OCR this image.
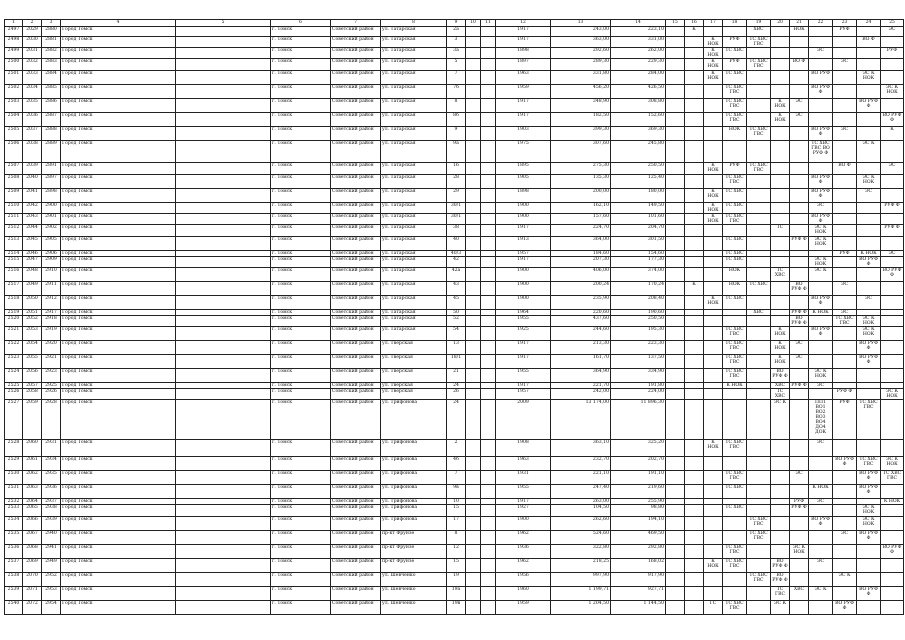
1	2	3	4	5	6	7	8	9	10	11	12	13	14	15	16	17	18	19	20	21	22	23	24	25
2497	2029	2880	Город Томск		г. Томск	Советский район	ул. Татарская	2а			1917	243,00	223,10		К			ХВС		НОК		РУФ		ЭС
2498	2030	2881	Город Томск		г. Томск	Советский район	ул. Татарская	3			1917	363,00	331,00			К НОК	РУФ	ТС ХВС ГВС					ВО Ф	
2499	2031	2882	Город Томск		г. Томск	Советский район	ул. Татарская	3а			1898	292,60	262,00			К НОК	ТС ХВС				ЭС			РУФ
2500	2032	2883	Город Томск		г. Томск	Советский район	ул. Татарская	5			1897	289,30	229,30			К НОК	РУФ	ТС ХВС ГВС		ВО Ф		ЭС		
2501	2033	2884	Город Томск		г. Томск	Советский район	ул. Татарская	7			1963	331,80	284,00			К НОК	ТС ХВС				ВО РУФ		ЭС К НОК	
2502	2034	2885	Город Томск		г. Томск	Советский район	ул. Татарская	7б			1959	456,20	426,50				ТС ХВС ГВС				ВО РУФ Ф			ЭС К НОК
2503	2035	2886	Город Томск		г. Томск	Советский район	ул. Татарская	8			1917	348,90	308,80				ТС ХВС ГВС		К НОК	ЭС			ВО РУФ Ф	
2504	2036	2887	Город Томск		г. Томск	Советский район	ул. Татарская	8б			1917	182,50	152,60				ТС ХВС ГВС		К НОК	ЭС				ВО РУФ Ф
2505	2037	2888	Город Томск		г. Томск	Советский район	ул. Татарская	9			1903	399,30	369,30				НОК	ТС ХВС ГВС			ВО РУФ Ф	ЭС		К
2506	2038	2889	Город Томск		г. Томск	Советский район	ул. Татарская	9а			1975	307,60	245,80								ТС ХВС ГВС ВО РУФ Ф		ЭС К	
2507	2039	2891	Город Томск		г. Томск	Советский район	ул. Татарская	16			1895	275,30	250,50			К НОК	РУФ	ТС ХВС ГВС				ВО Ф		ЭС
2508	2040	2897	Город Томск		г. Томск	Советский район	ул. Татарская	28			1905	135,30	125,40				ТС ХВС ГВС				ВО РУФ Ф		ЭС К НОК	
2509	2041	2898	Город Томск		г. Томск	Советский район	ул. Татарская	29			1898	200,00	180,00			К НОК	ТС ХВС				ВО РУФ Ф		ЭС	
2510	2042	2900	Город Томск		г. Томск	Советский район	ул. Татарская	30/1			1900	162,10	149,50			К НОК	ТС ХВС				ЭС			РУФ Ф
2511	2043	2901	Город Томск		г. Томск	Советский район	ул. Татарская	30/1			1900	157,60	101,60			К НОК	ТС ХВС ГВС				ВО РУФ Ф			
2512	2044	2902	Город Томск		г. Томск	Советский район	ул. Татарская	38			1917	224,70	204,70						ТС		ЭС К НОК			РУФ Ф
2513	2045	2905	Город Томск		г. Томск	Советский район	ул. Татарская	40			1913	364,00	301,50				ТС ХВС			РУФ Ф	ЭС К НОК			
2514	2046	2906	Город Томск		г. Томск	Советский район	ул. Татарская	40/3			1957	184,60	154,60				ТС ХВС					РУФ	К НОК	ЭС
2515	2047	2909	Город Томск		г. Томск	Советский район	ул. Татарская	42			1917	207,30	177,30				ТС ХВС				ЭС К НОК		ВО РУФ Ф	
2516	2048	2910	Город Томск		г. Томск	Советский район	ул. Татарская	42а			1900	406,00	374,00				НОК		ТС ХВС		ЭС К			ВО РУФ Ф
2517	2049	2911	Город Томск		г. Томск	Советский район	ул. Татарская	43			1900	200,24	170,24		К		НОК	ТС ХВС		ВО РУФ Ф		ЭС		
2518	2050	2912	Город Томск		г. Томск	Советский район	ул. Татарская	45			1900	235,90	208,40			К НОК	ТС ХВС				ВО РУФ Ф		ЭС	
2519	2051	2917	Город Томск		г. Томск	Советский район	ул. Татарская	50			1964	220,60	190,60					ХВС		РУФ Ф	К НОК	ЭС		
2520	2052	2918	Город Томск		г. Томск	Советский район	ул. Татарская	52			1955	437,60	250,50							ВО РУФ Ф		ТС ХВС ГВС	ЭС К НОК	
2521	2053	2919	Город Томск		г. Томск	Советский район	ул. Татарская	54			1925	244,60	195,30				ТС ХВС ГВС		К НОК		ВО РУФ Ф		ЭС К НОК	
2522	2054	2920	Город Томск		г. Томск	Советский район	ул. Тверская	13			1917	213,30	223,30				ТС ХВС ГВС		К НОК	ЭС			ВО РУФ Ф	
2523	2055	2921	Город Томск		г. Томск	Советский район	ул. Тверская	18/1			1917	161,70	137,50				ТС ХВС ГВС		К НОК	ЭС			ВО РУФ Ф	
2524	2056	2923	Город Томск		г. Томск	Советский район	ул. Тверская	21			1955	364,90	334,90				ТС ХВС ГВС		ВО РУФ Ф		ЭС К НОК			
2525	2057	2925	Город Томск		г. Томск	Советский район	ул. Тверская	24			1917	221,70	191,80				К НОК		ХВС	РУФ Ф	ЭС			
2526	2058	2926	Город Томск		г. Томск	Советский район	ул. Тверская	26			1957	242,00	224,00						ТС ХВС			РУФ Ф		ЭС К НОК
2527	2059	2928	Город Томск		г. Томск	Советский район	ул. Трифонова	24			2009	13 174,00	11 896,30						ЭС К		ПП1 ВО1 ВО2 ВО3 ВО4 ДО4 ДОК	РУФ	ТС ХВС ГВС	
2528	2060	2931	Город Томск		г. Томск	Советский район	ул. Трифонова	2			1908	363,10	325,20			К НОК	ТС ХВС ГВС				ЭС			
2529	2061	2934	Город Томск		г. Томск	Советский район	ул. Трифонова	4б			1963	232,70	202,70									ВО РУФ Ф	ТС ХВС ГВС	ЭС К НОК
2530	2062	2935	Город Томск		г. Томск	Советский район	ул. Трифонова	7			1931	221,10	191,10				ТС ХВС ГВС			ЭС			ВО РУФ Ф	ТС ХВС ГВС
2531	2063	2936	Город Томск		г. Томск	Советский район	ул. Трифонова	9в			1955	247,40	219,60				ТС ХВС				К НОК		ВО РУФ Ф	
2532	2064	2937	Город Томск		г. Томск	Советский район	ул. Трифонова	10			1917	263,00	255,90							РУФ	ЭС			К НОК
2533	2065	2938	Город Томск		г. Томск	Советский район	ул. Трифонова	15			1927	104,50	98,80				ТС ХВС			РУФ Ф			ЭС К НОК	
2534	2066	2939	Город Томск		г. Томск	Советский район	ул. Трифонова	17			1900	262,60	194,10					ТС ХВС ГВС			ВО РУФ Ф		ЭС К НОК	
2535	2067	2940	Город Томск		г. Томск	Советский район	пр-кт Фрунзе	8			1962	524,60	469,50					ТС ХВС ГВС				ЭС	ВО РУФ Ф	
2536	2068	2941	Город Томск		г. Томск	Советский район	пр-кт Фрунзе	12			1936	322,80	292,80				ТС ХВС ГВС			ЭС К НОК				ВО РУФ Ф
2537	2069	2949	Город Томск		г. Томск	Советский район	пр-кт Фрунзе	15			1962	218,25	168,02			К НОК	ТС ХВС ГВС		ВО РУФ Ф		ЭС			
2538	2070	2952	Город Томск		г. Томск	Советский район	ул. Шевченко	19			1956	997,90	917,90					ТС ХВС ГВС	ВО РУФ Ф			ЭС К		
2539	2071	2953	Город Томск		г. Томск	Советский район	ул. Шевченко	19а			1960	1 199,71	927,71						ТС ГВС	ХВС	ЭС К		ВО РУФ Ф	
2540	2072	2954	Город Томск		г. Томск	Советский район	ул. Шевченко	19в			1959	1 204,50	1 144,50			ГС	ТС ХВС ГВС		ЭС К			ВО РУФ Ф		
